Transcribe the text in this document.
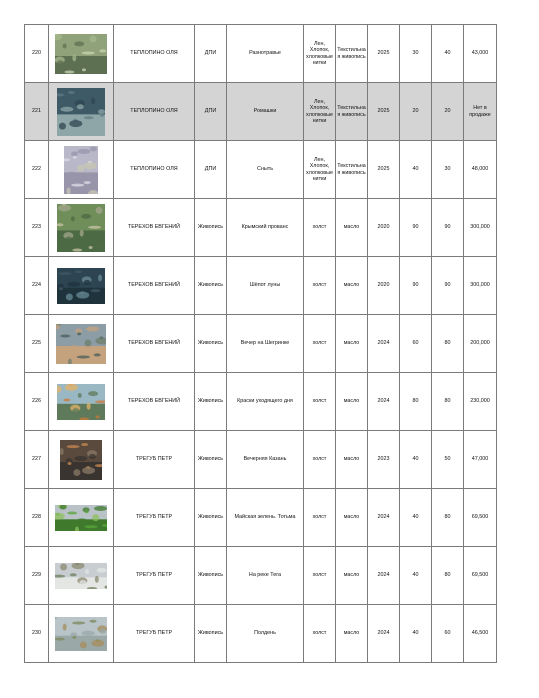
220		ТЕПЛОПИНО ОЛЯ	ДПИ	Разнотравье	Лен, Хлопок, хлопковые нитки	Текстильная живопись	2025	30	40	43,000
221		ТЕПЛОПИНО ОЛЯ	ДПИ	Ромашки	Лен, Хлопок, хлопковые нитки	Текстильная живопись	2025	20	20	Нет в продаже
222		ТЕПЛОПИНО ОЛЯ	ДПИ	Сныть	Лен, Хлопок, хлопковые нитки	Текстильная живопись	2025	40	30	48,000
223		ТЕРЕХОВ ЕВГЕНИЙ	Живопись	Крымский прованс	холст	масло	2020	90	90	300,000
224		ТЕРЕХОВ ЕВГЕНИЙ	Живопись	Шёпот луны	холст	масло	2020	90	90	300,000
225		ТЕРЕХОВ ЕВГЕНИЙ	Живопись	Вечер на Шегринке	холст	масло	2024	60	80	200,000
226		ТЕРЕХОВ ЕВГЕНИЙ	Живопись	Краски уходящего дня	холст	масло	2024	80	80	230,000
227		ТРЕГУБ ПЕТР	Живопись	Вечерняя Казань	холст	масло	2023	40	50	47,000
228		ТРЕГУБ ПЕТР	Живопись	Майская зелень. Тотьма	холст	масло	2024	40	80	69,500
229		ТРЕГУБ ПЕТР	Живопись	На реке Тега	холст	масло	2024	40	80	69,500
230		ТРЕГУБ ПЕТР	Живопись	Полдень	холст	масло	2024	40	60	46,500
